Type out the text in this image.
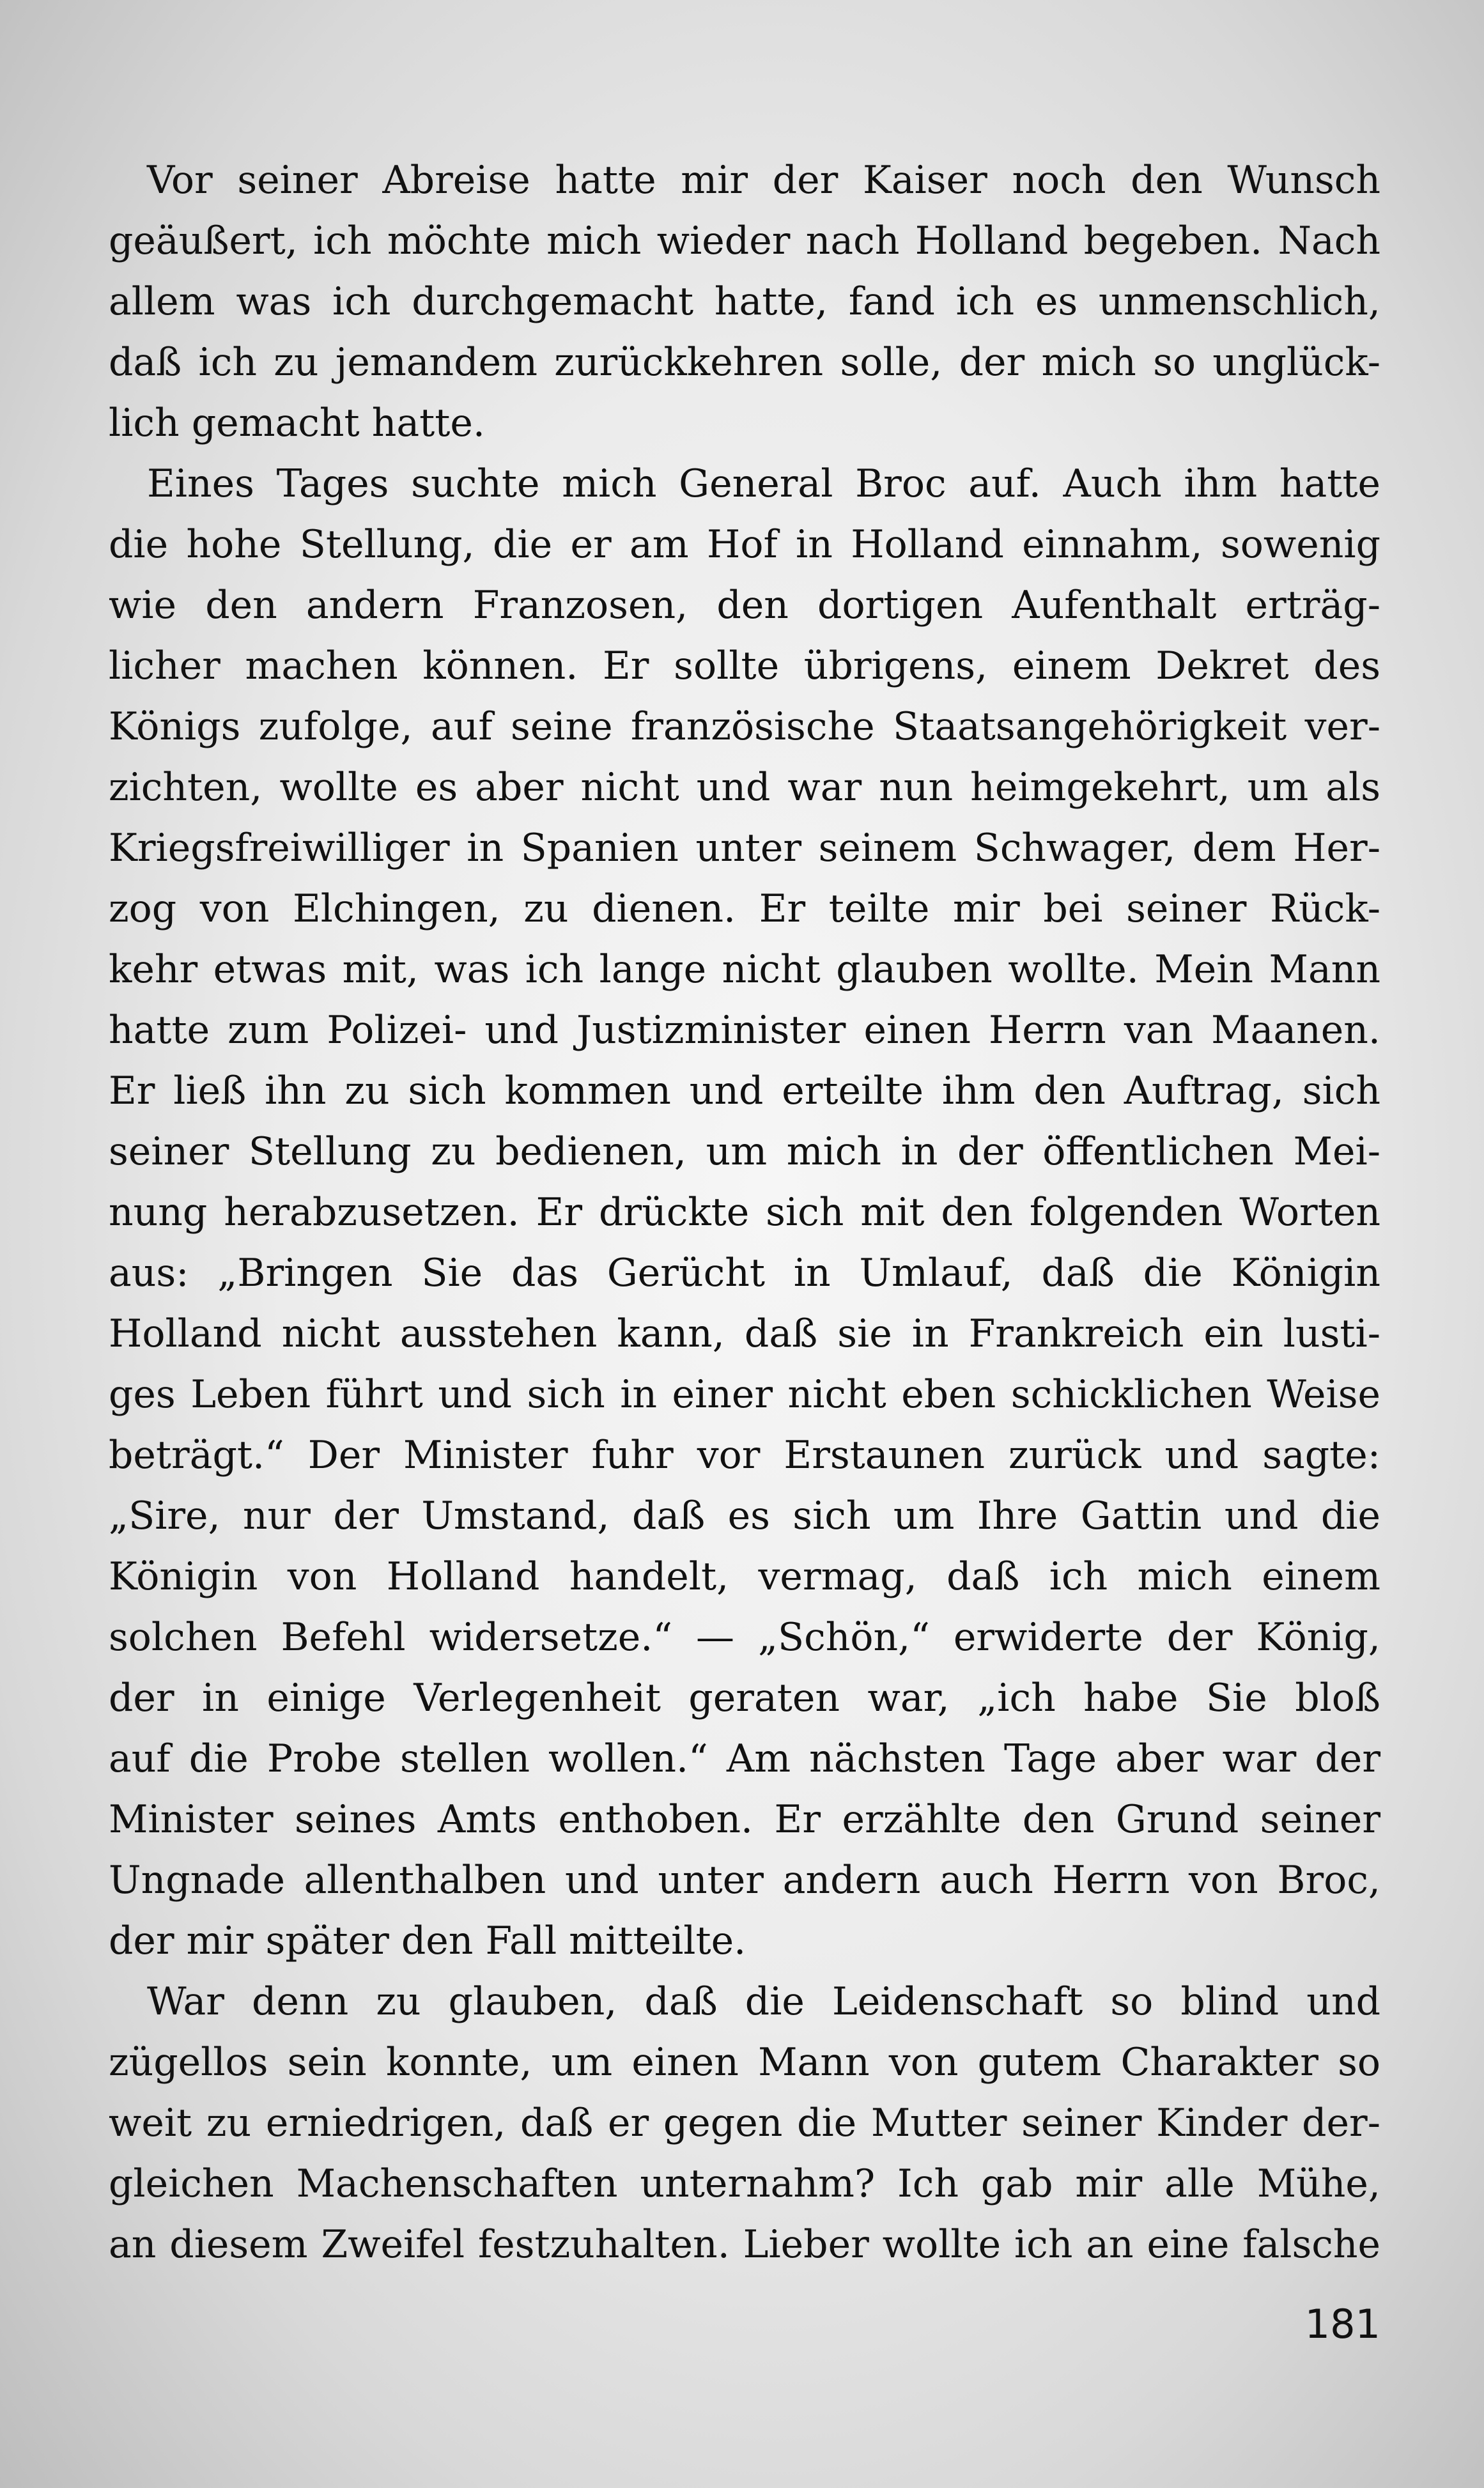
Vor seiner Abreise hatte mir der Kaiser noch den Wunsch
geäußert, ich möchte mich wieder nach Holland begeben. Nach
allem was ich durchgemacht hatte, fand ich es unmenschlich,
daß ich zu jemandem zurückkehren solle, der mich so unglück-
lich gemacht hatte.
Eines Tages suchte mich General Broc auf. Auch ihm hatte
die hohe Stellung, die er am Hof in Holland einnahm, sowenig
wie den andern Franzosen, den dortigen Aufenthalt erträg-
licher machen können. Er sollte übrigens, einem Dekret des
Königs zufolge, auf seine französische Staatsangehörigkeit ver-
zichten, wollte es aber nicht und war nun heimgekehrt, um als
Kriegsfreiwilliger in Spanien unter seinem Schwager, dem Her-
zog von Elchingen, zu dienen. Er teilte mir bei seiner Rück-
kehr etwas mit, was ich lange nicht glauben wollte. Mein Mann
hatte zum Polizei- und Justizminister einen Herrn van Maanen.
Er ließ ihn zu sich kommen und erteilte ihm den Auftrag, sich
seiner Stellung zu bedienen, um mich in der öffentlichen Mei-
nung herabzusetzen. Er drückte sich mit den folgenden Worten
aus: „Bringen Sie das Gerücht in Umlauf, daß die Königin
Holland nicht ausstehen kann, daß sie in Frankreich ein lusti-
ges Leben führt und sich in einer nicht eben schicklichen Weise
beträgt.“ Der Minister fuhr vor Erstaunen zurück und sagte:
„Sire, nur der Umstand, daß es sich um Ihre Gattin und die
Königin von Holland handelt, vermag, daß ich mich einem
solchen Befehl widersetze.“ — „Schön,“ erwiderte der König,
der in einige Verlegenheit geraten war, „ich habe Sie bloß
auf die Probe stellen wollen.“ Am nächsten Tage aber war der
Minister seines Amts enthoben. Er erzählte den Grund seiner
Ungnade allenthalben und unter andern auch Herrn von Broc,
der mir später den Fall mitteilte.
War denn zu glauben, daß die Leidenschaft so blind und
zügellos sein konnte, um einen Mann von gutem Charakter so
weit zu erniedrigen, daß er gegen die Mutter seiner Kinder der-
gleichen Machenschaften unternahm? Ich gab mir alle Mühe,
an diesem Zweifel festzuhalten. Lieber wollte ich an eine falsche
181
